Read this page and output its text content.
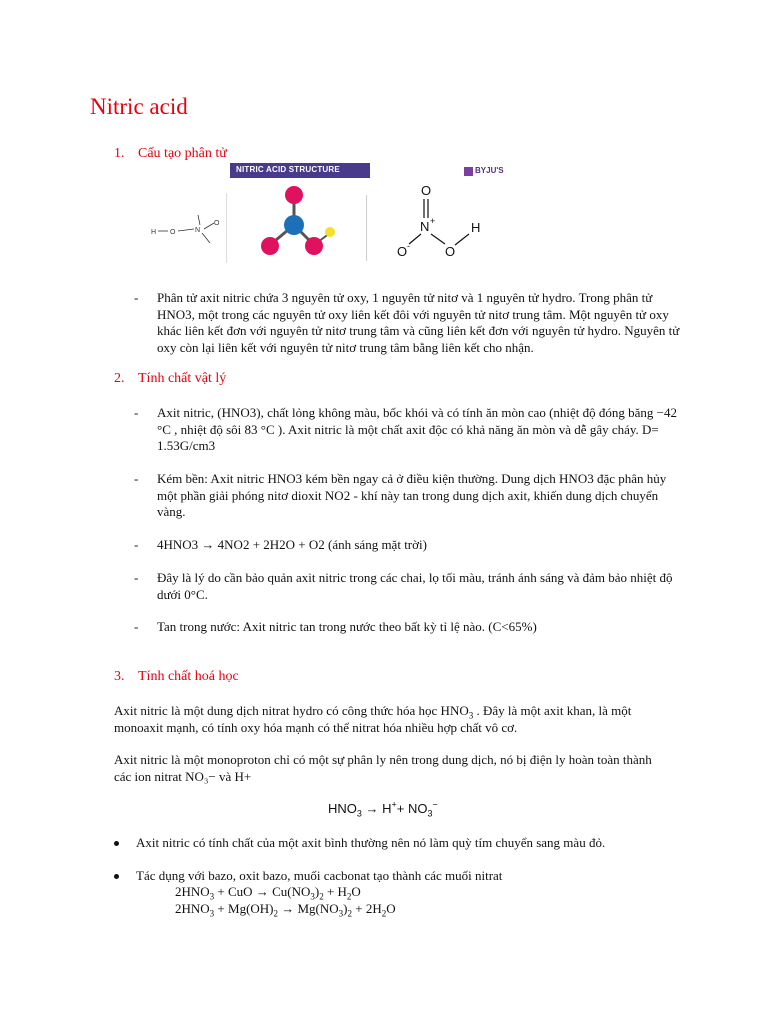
Nitric acid
1. Cấu tạo phân tử
NITRIC ACID STRUCTURE	BYJU'S
H O	N
O
O
N +	H
O -	O
- Phân tử axit nitric chứa 3 nguyên tử oxy, 1 nguyên tử nitơ và 1 nguyên tử hydro. Trong phân tử HNO3, một trong các nguyên tử oxy liên kết đôi với nguyên tử nitơ trung tâm. Một nguyên tử oxy khác liên kết đơn với nguyên tử nitơ trung tâm và cũng liên kết đơn với nguyên tử hydro. Nguyên tử oxy còn lại liên kết với nguyên tử nitơ trung tâm bằng liên kết cho nhận.
2. Tính chất vật lý
- Axit nitric, (HNO3), chất lỏng không màu, bốc khói và có tính ăn mòn cao (nhiệt độ đóng băng −42 °C , nhiệt độ sôi 83 °C ). Axit nitric là một chất axit độc có khả năng ăn mòn và dễ gây cháy. D= 1.53G/cm3
- Kém bền: Axit nitric HNO3 kém bền ngay cả ở điều kiện thường. Dung dịch HNO3 đặc phân hủy một phần giải phóng nitơ dioxit NO2 - khí này tan trong dung dịch axit, khiến dung dịch chuyển vàng.
- 4HNO3 → 4NO2 + 2H2O + O2 (ánh sáng mặt trời)
- Đây là lý do cần bảo quản axit nitric trong các chai, lọ tối màu, tránh ánh sáng và đảm bảo nhiệt độ dưới 0°C.
- Tan trong nước: Axit nitric tan trong nước theo bất kỳ tỉ lệ nào. (C<65%)
3. Tính chất hoá học
Axit nitric là một dung dịch nitrat hydro có công thức hóa học $HNO_3$ . Đây là một axit khan, là một monoaxit mạnh, có tính oxy hóa mạnh có thể nitrat hóa nhiều hợp chất vô cơ.
Axit nitric là một monoproton chỉ có một sự phân ly nên trong dung dịch, nó bị điện ly hoàn toàn thành các ion nitrat NO₃− và H+
$HNO_3 \to H^++ NO_3^-$
Axit nitric có tính chất của một axit bình thường nên nó làm quỳ tím chuyển sang màu đỏ.
Tác dụng với bazo, oxit bazo, muối cacbonat tạo thành các muối nitrat
$2HNO_3$ + CuO → $Cu(NO_3)_2 + H_2O$
$2HNO_3 + Mg(OH)_2 \to Mg(NO_3)_2 + 2H_2O$
